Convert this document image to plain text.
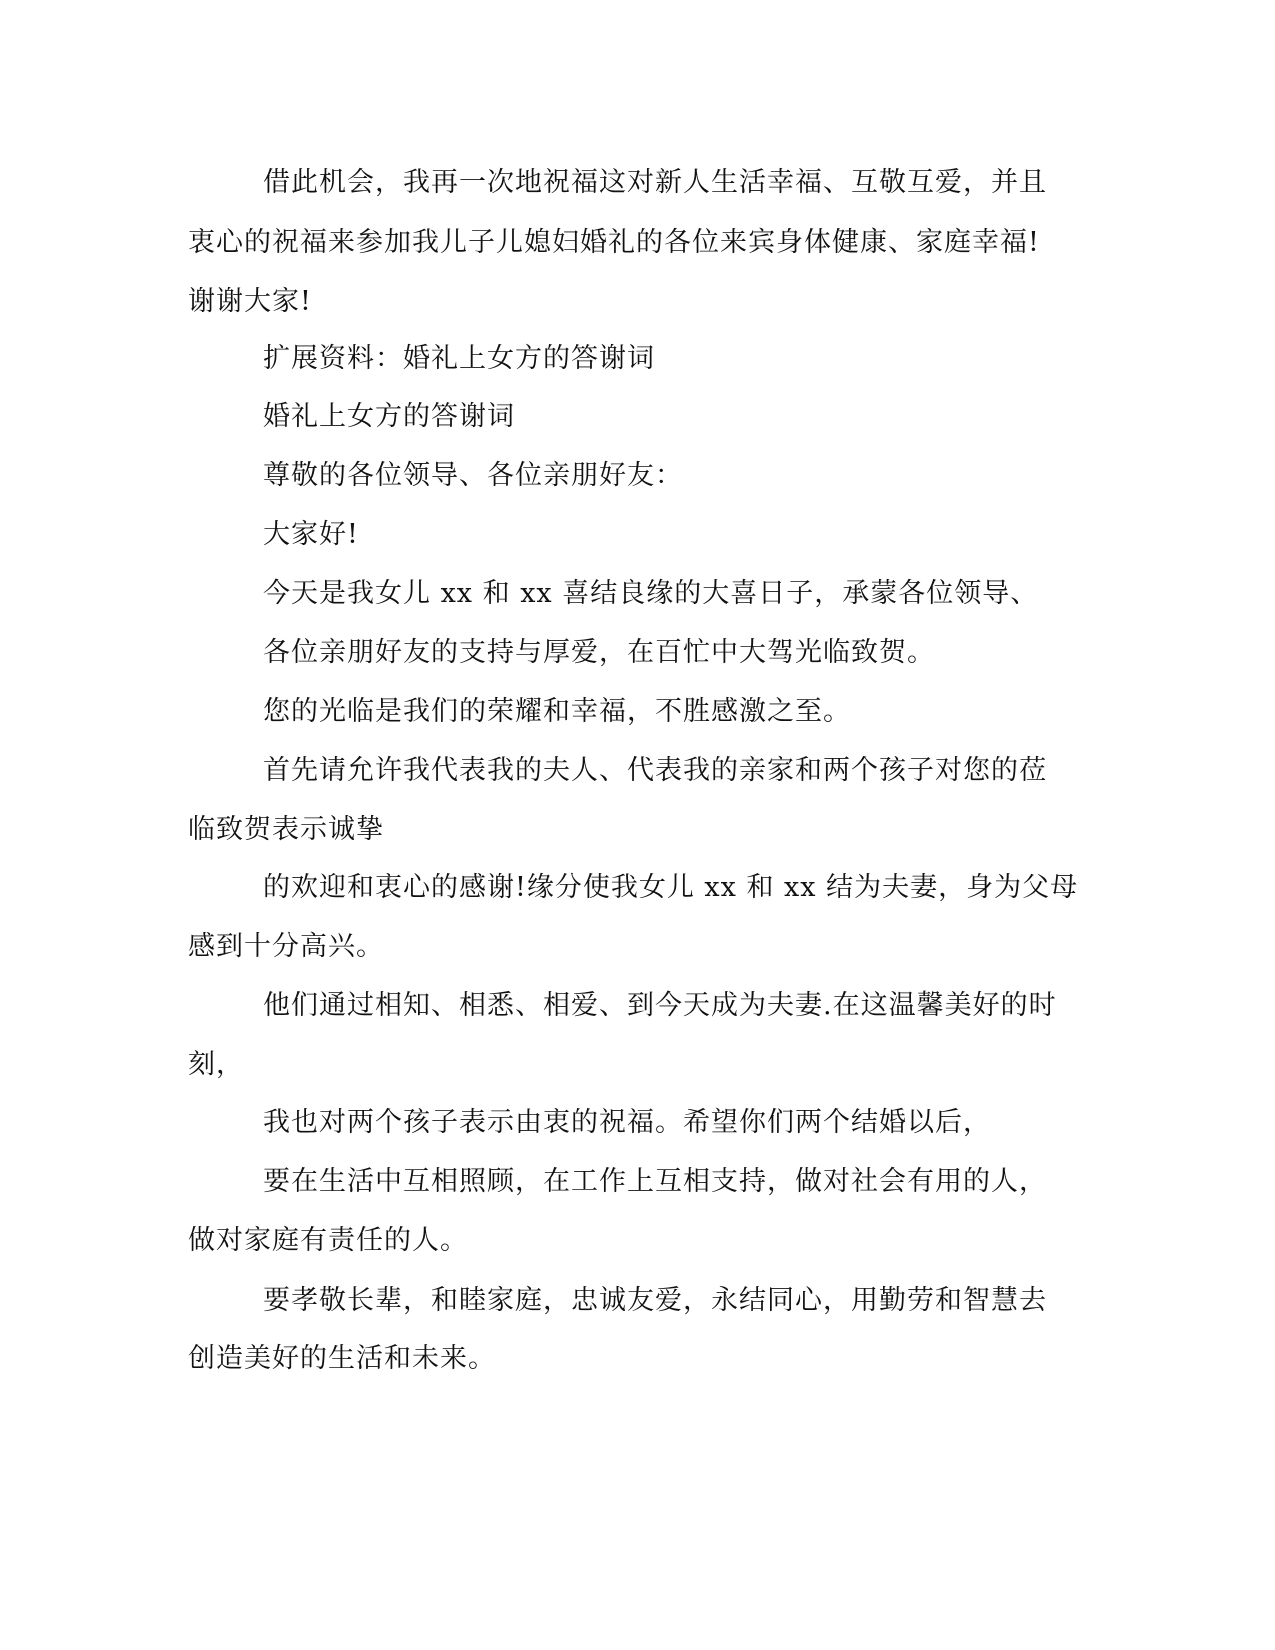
借此机会，我再一次地祝福这对新人生活幸福、互敬互爱，并且
衷心的祝福来参加我儿子儿媳妇婚礼的各位来宾身体健康、家庭幸福!
谢谢大家!
扩展资料：婚礼上女方的答谢词
婚礼上女方的答谢词
尊敬的各位领导、各位亲朋好友：
大家好!
今天是我女儿 xx 和 xx 喜结良缘的大喜日子，承蒙各位领导、
各位亲朋好友的支持与厚爱，在百忙中大驾光临致贺。
您的光临是我们的荣耀和幸福，不胜感激之至。
首先请允许我代表我的夫人、代表我的亲家和两个孩子对您的莅
临致贺表示诚挚
的欢迎和衷心的感谢!缘分使我女儿 xx 和 xx 结为夫妻，身为父母
感到十分高兴。
他们通过相知、相悉、相爱、到今天成为夫妻.在这温馨美好的时
刻，
我也对两个孩子表示由衷的祝福。希望你们两个结婚以后，
要在生活中互相照顾，在工作上互相支持，做对社会有用的人，
做对家庭有责任的人。
要孝敬长辈，和睦家庭，忠诚友爱，永结同心，用勤劳和智慧去
创造美好的生活和未来。
